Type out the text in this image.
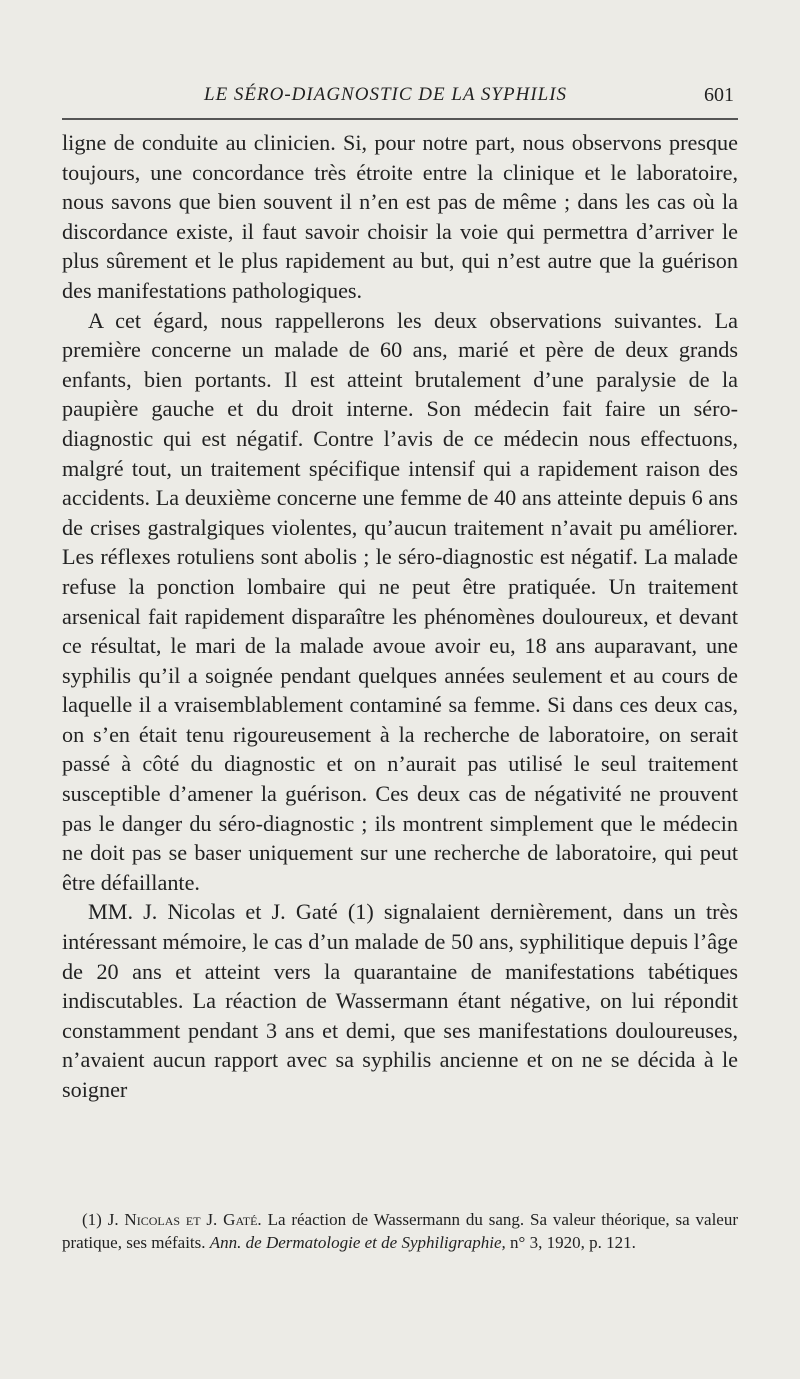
LE SÉRO-DIAGNOSTIC DE LA SYPHILIS	601

ligne de conduite au clinicien. Si, pour notre part, nous observons presque toujours, une concordance très étroite entre la clinique et le laboratoire, nous savons que bien souvent il n’en est pas de même ; dans les cas où la discordance existe, il faut savoir choisir la voie qui permettra d’arriver le plus sûrement et le plus rapidement au but, qui n’est autre que la guérison des manifestations pathologiques.

A cet égard, nous rappellerons les deux observations suivantes. La première concerne un malade de 60 ans, marié et père de deux grands enfants, bien portants. Il est atteint brutalement d’une paralysie de la paupière gauche et du droit interne. Son médecin fait faire un séro-diagnostic qui est négatif. Contre l’avis de ce médecin nous effectuons, malgré tout, un traitement spécifique intensif qui a rapidement raison des accidents. La deuxième concerne une femme de 40 ans atteinte depuis 6 ans de crises gastralgiques violentes, qu’aucun traitement n’avait pu améliorer. Les réflexes rotuliens sont abolis ; le séro-diagnostic est négatif. La malade refuse la ponction lombaire qui ne peut être pratiquée. Un traitement arsenical fait rapidement disparaître les phénomènes douloureux, et devant ce résultat, le mari de la malade avoue avoir eu, 18 ans auparavant, une syphilis qu’il a soignée pendant quelques années seulement et au cours de laquelle il a vraisemblablement contaminé sa femme. Si dans ces deux cas, on s’en était tenu rigoureusement à la recherche de laboratoire, on serait passé à côté du diagnostic et on n’aurait pas utilisé le seul traitement susceptible d’amener la guérison. Ces deux cas de négativité ne prouvent pas le danger du séro-diagnostic ; ils montrent simplement que le médecin ne doit pas se baser uniquement sur une recherche de laboratoire, qui peut être défaillante.

MM. J. Nicolas et J. Gaté (1) signalaient dernièrement, dans un très intéressant mémoire, le cas d’un malade de 50 ans, syphilitique depuis l’âge de 20 ans et atteint vers la quarantaine de manifestations tabétiques indiscutables. La réaction de Wassermann étant négative, on lui répondit constamment pendant 3 ans et demi, que ses manifestations douloureuses, n’avaient aucun rapport avec sa syphilis ancienne et on ne se décida à le soigner

(1) J. Nicolas et J. Gaté. La réaction de Wassermann du sang. Sa valeur théorique, sa valeur pratique, ses méfaits. Ann. de Dermatologie et de Syphiligraphie, n° 3, 1920, p. 121.
